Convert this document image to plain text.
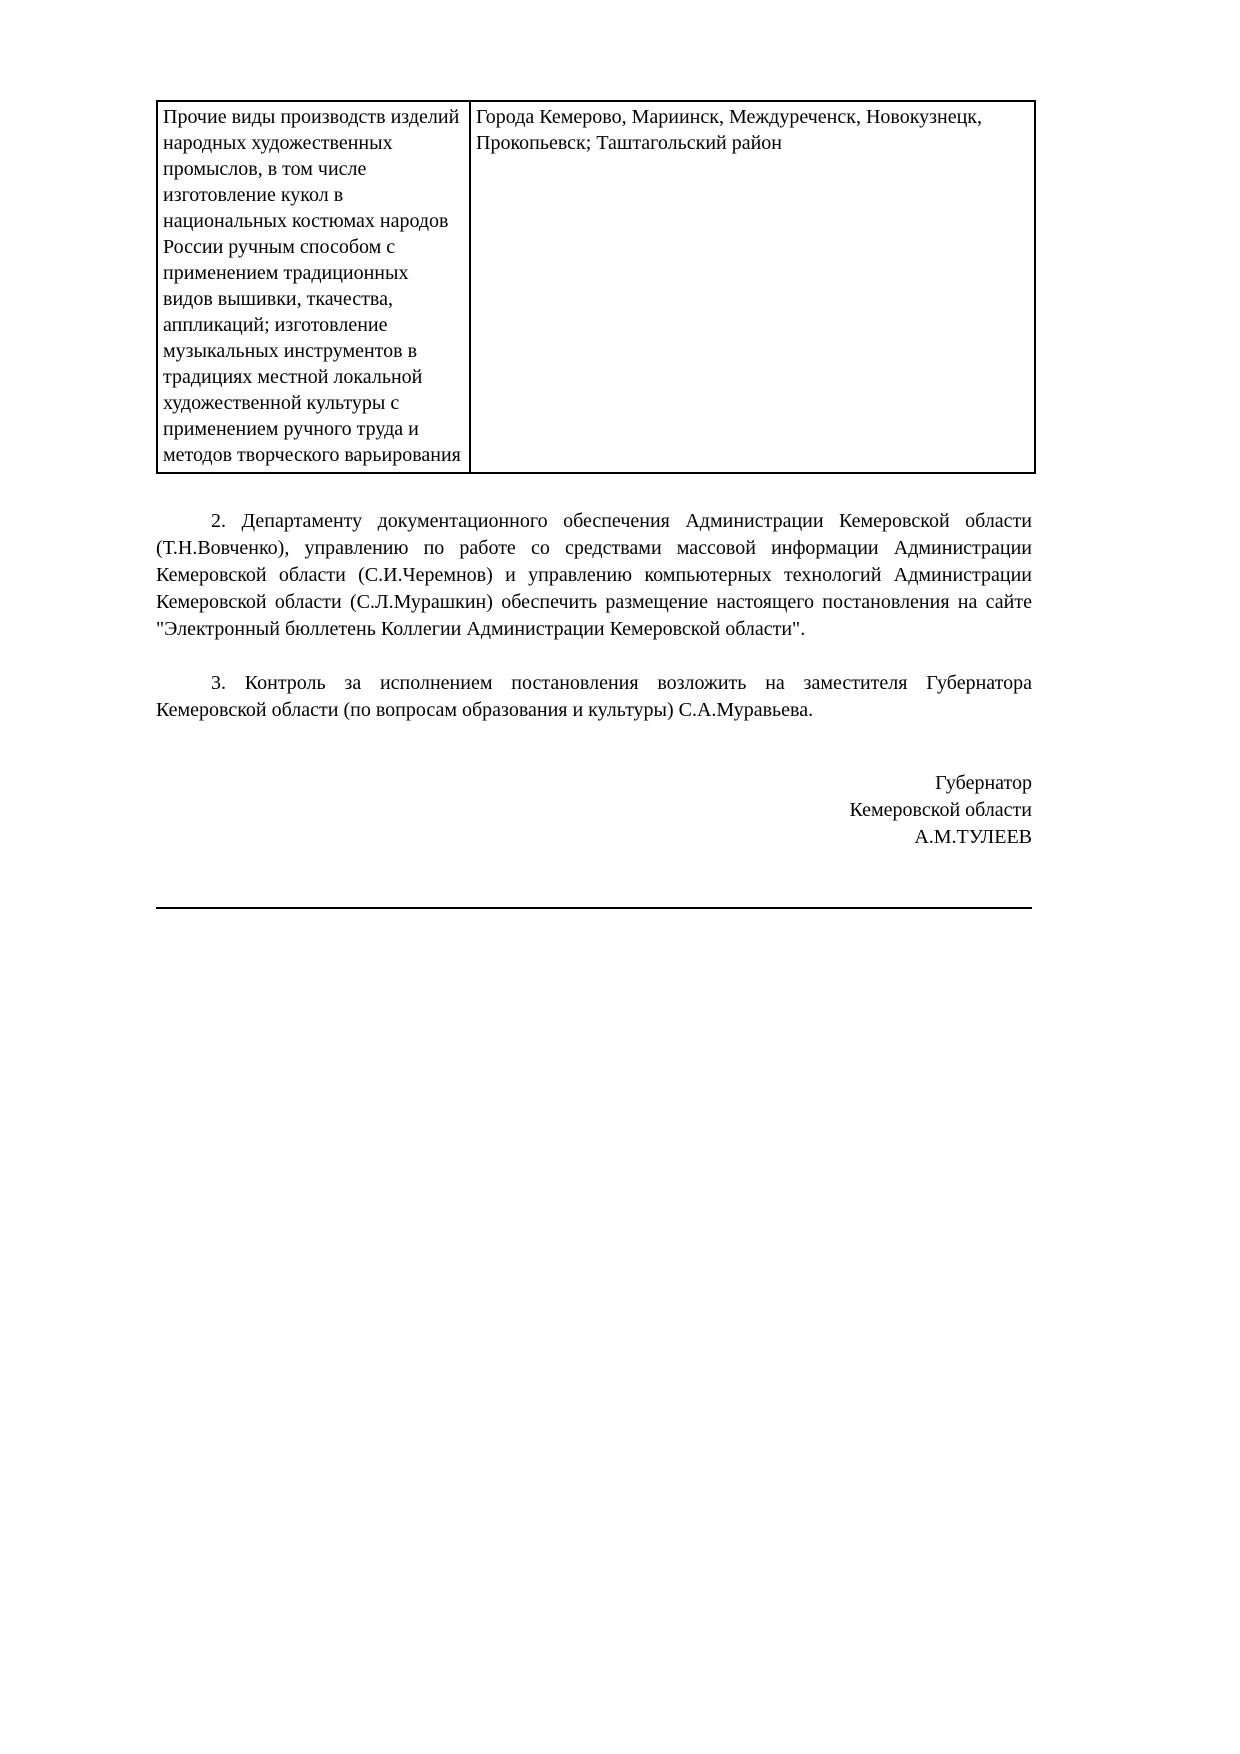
Прочие виды производств изделий народных художественных промыслов, в том числе изготовление кукол в национальных костюмах народов России ручным способом с применением традиционных видов вышивки, ткачества, аппликаций; изготовление музыкальных инструментов в традициях местной локальной художественной культуры с применением ручного труда и методов творческого варьирования	Города Кемерово, Мариинск, Междуреченск, Новокузнецк, Прокопьевск; Таштагольский район

2. Департаменту документационного обеспечения Администрации Кемеровской области (Т.Н.Вовченко), управлению по работе со средствами массовой информации Администрации Кемеровской области (С.И.Черемнов) и управлению компьютерных технологий Администрации Кемеровской области (С.Л.Мурашкин) обеспечить размещение настоящего постановления на сайте "Электронный бюллетень Коллегии Администрации Кемеровской области".

3. Контроль за исполнением постановления возложить на заместителя Губернатора Кемеровской области (по вопросам образования и культуры) С.А.Муравьева.

Губернатор
Кемеровской области
А.М.ТУЛЕЕВ
